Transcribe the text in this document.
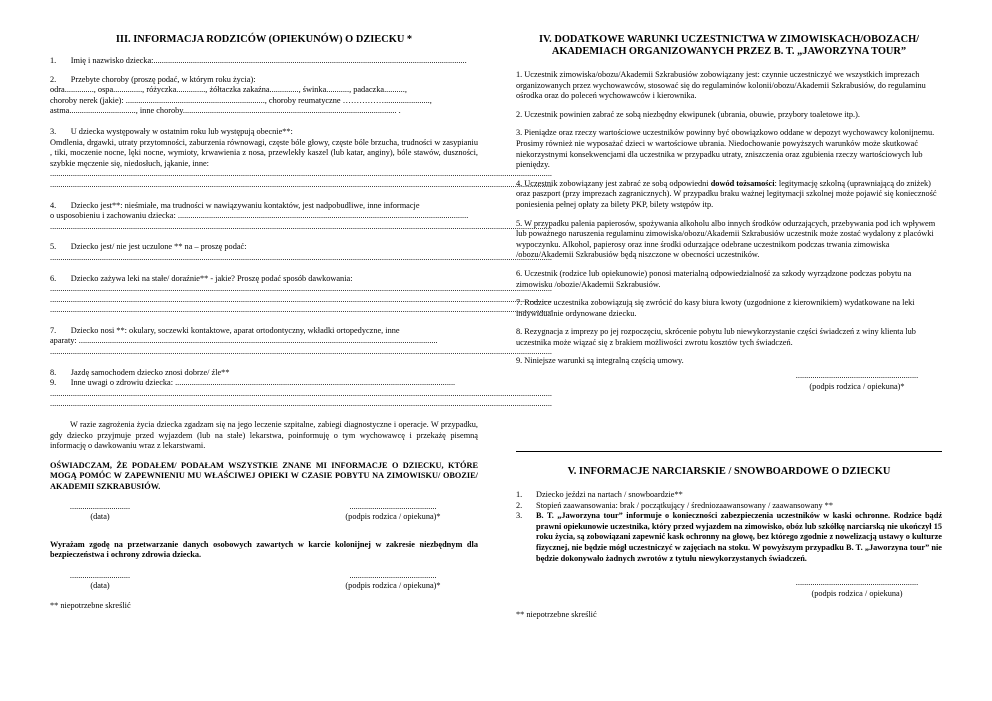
III. INFORMACJA RODZICÓW (OPIEKUNÓW) O DZIECKU *

1.       Imię i nazwisko dziecka:.......................................................................................................................................................

2.       Przebyte choroby (proszę podać, w którym roku życia):

odra.............., ospa.............., różyczka.............., żółtaczka zakaźna.............., świnka..........., padaczka..........,

choroby nerek (jakie): ..................................................................., choroby reumatyczne ……………......................,

astma................................, inne choroby....................................................................................................... .

3.       U dziecka występowały w ostatnim roku lub występują obecnie**:

Omdlenia, drgawki, utraty przytomności, zaburzenia równowagi, częste bóle głowy, częste bóle brzucha, trudności w zasypianiu , tiki, moczenie nocne, lęki nocne, wymioty, krwawienia z nosa, przewlekły kaszel (lub katar, anginy), bóle stawów, duszności, szybkie męczenie się, niedosłuch, jąkanie, inne:

..................................................................................................................................................................................................................................................

..................................................................................................................................................................................................................................................

4.       Dziecko jest**: nieśmiałe, ma trudności w nawiązywaniu kontaktów, jest nadpobudliwe, inne informacje

o usposobieniu i zachowaniu dziecka: ............................................................................................................................................

..................................................................................................................................................................................................................................................

5.       Dziecko jest/ nie jest uczulone ** na – proszę podać:

..................................................................................................................................................................................................................................................

6.       Dziecko zażywa leki na stałe/ doraźnie** - jakie? Proszę podać sposób dawkowania:

..................................................................................................................................................................................................................................................

..................................................................................................................................................................................................................................................

..................................................................................................................................................................................................................................................

7.       Dziecko nosi **: okulary, soczewki kontaktowe, aparat ortodontyczny, wkładki ortopedyczne, inne

aparaty: .............................................................................................................................................................................

..................................................................................................................................................................................................................................................

8.       Jazdę samochodem dziecko znosi dobrze/ źle**

9.       Inne uwagi o zdrowiu dziecka: .......................................................................................................................................

..................................................................................................................................................................................................................................................

..................................................................................................................................................................................................................................................

W razie zagrożenia życia dziecka zgadzam się na jego leczenie szpitalne, zabiegi diagnostyczne i operacje. W przypadku, gdy dziecko przyjmuje przed wyjazdem (lub na stałe) lekarstwa, poinformuję o tym wychowawcę i przekażę pisemną informację o dawkowaniu wraz z lekarstwami.

OŚWIADCZAM, ŻE PODAŁEM/ PODAŁAM WSZYSTKIE ZNANE MI INFORMACJE O DZIECKU, KTÓRE MOGĄ POMÓC W ZAPEWNIENIU MU WŁAŚCIWEJ OPIEKI W CZASIE POBYTU NA ZIMOWISKU/ OBOZIE/ AKADEMII SZKRABUSIÓW.

.............................
(data)
..........................................
(podpis rodzica / opiekuna)*

Wyrażam zgodę na przetwarzanie danych osobowych zawartych w karcie kolonijnej w zakresie niezbędnym dla bezpieczeństwa i ochrony zdrowia dziecka.

.............................
(data)
..........................................
(podpis rodzica / opiekuna)*

** niepotrzebne skreślić

IV. DODATKOWE WARUNKI UCZESTNICTWA W ZIMOWISKACH/OBOZACH/

AKADEMIACH ORGANIZOWANYCH PRZEZ B. T. „JAWORZYNA TOUR”

1. Uczestnik zimowiska/obozu/Akademii Szkrabusiów zobowiązany jest: czynnie uczestniczyć we wszystkich imprezach organizowanych przez wychowawców, stosować się do regulaminów kolonii/obozu/Akademii Szkrabusiów, do regulaminu ośrodka oraz do poleceń wychowawców i kierownika.

2. Uczestnik powinien zabrać ze sobą niezbędny ekwipunek (ubrania, obuwie, przybory toaletowe itp.).

3. Pieniądze oraz rzeczy wartościowe uczestników powinny być obowiązkowo oddane w depozyt wychowawcy kolonijnemu. Prosimy również nie wyposażać dzieci w wartościowe ubrania. Niedochowanie powyższych warunków może skutkować niekorzystnymi konsekwencjami dla uczestnika w przypadku utraty, zniszczenia oraz zgubienia rzeczy wartościowych lub pieniędzy.

4. Uczestnik zobowiązany jest zabrać ze sobą odpowiedni dowód tożsamości: legitymację szkolną (uprawniającą do zniżek) oraz paszport (przy imprezach zagranicznych). W przypadku braku ważnej legitymacji szkolnej może pojawić się konieczność poniesienia pełnej opłaty za bilety PKP, bilety wstępów itp.

5. W przypadku palenia papierosów, spożywania alkoholu albo innych środków odurzających, przebywania pod ich wpływem lub poważnego naruszenia regulaminu zimowiska/obozu/Akademii Szkrabusiów uczestnik może zostać wydalony z placówki wypoczynku. Alkohol, papierosy oraz inne środki odurzające odebrane uczestnikom podczas trwania zimowiska /obozu/Akademii Szkrabusiów będą niszczone w obecności uczestników.

6. Uczestnik (rodzice lub opiekunowie) ponosi materialną odpowiedzialność za szkody wyrządzone podczas pobytu na zimowisku /obozie/Akademii Szkrabusiów.

7. Rodzice uczestnika zobowiązują się zwrócić do kasy biura kwoty (uzgodnione z kierownikiem) wydatkowane na leki indywidualnie ordynowane dziecku.

8. Rezygnacja z imprezy po jej rozpoczęciu, skrócenie pobytu lub niewykorzystanie części świadczeń z winy klienta lub uczestnika może wiązać się z brakiem możliwości zwrotu kosztów tych świadczeń.

9. Niniejsze warunki są integralną częścią umowy.

...........................................................
(podpis rodzica / opiekuna)*

V. INFORMACJE NARCIARSKIE / SNOWBOARDOWE O DZIECKU

1.	Dziecko jeździ na nartach / snowboardzie**
2.	Stopień zaawansowania: brak / początkujący / średniozaawansowany / zaawansowany **
3.	B. T. „Jaworzyna tour” informuje o konieczności zabezpieczenia uczestników w kaski ochronne. Rodzice bądź prawni opiekunowie uczestnika, który przed wyjazdem na zimowisko, obóz lub szkółkę narciarską nie ukończył 15 roku życia, są zobowiązani zapewnić kask ochronny na głowę, bez którego zgodnie z nowelizacją ustawy o kulturze fizycznej, nie będzie mógł uczestniczyć w zajęciach na stoku. W powyższym przypadku B. T. „Jaworzyna tour” nie będzie dokonywało żadnych zwrotów z tytułu niewykorzystanych świadczeń.
...........................................................
(podpis rodzica / opiekuna)

** niepotrzebne skreślić
